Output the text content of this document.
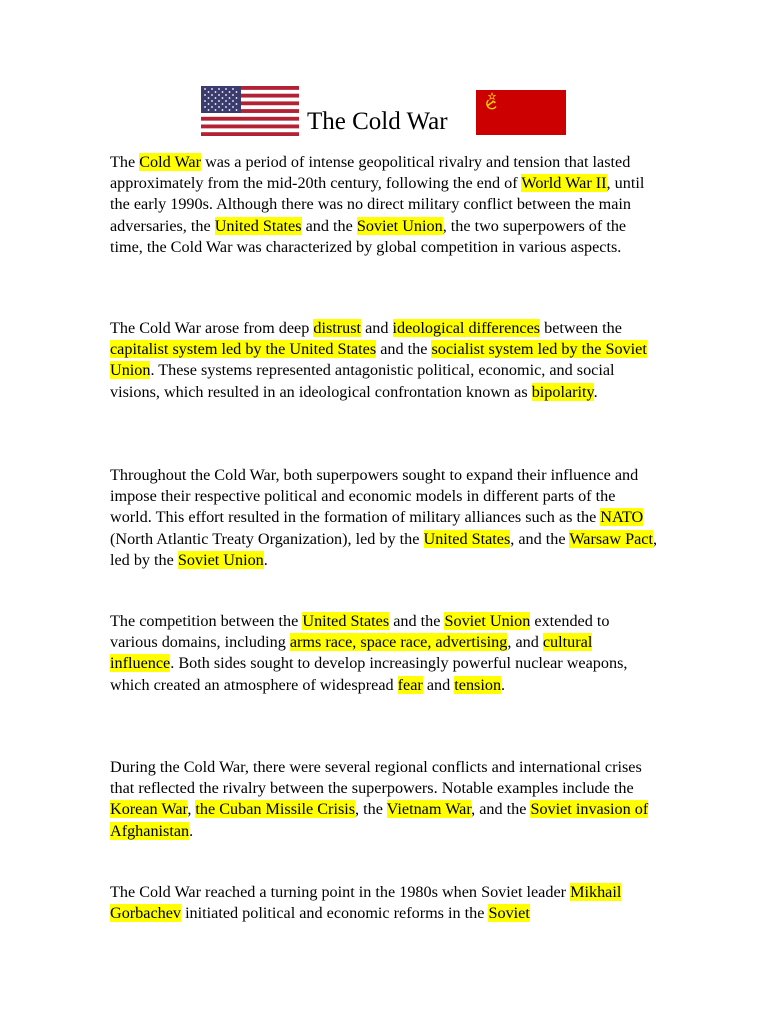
The Cold War

The Cold War was a period of intense geopolitical rivalry and tension that lasted approximately from the mid-20th century, following the end of World War II, until the early 1990s. Although there was no direct military conflict between the main adversaries, the United States and the Soviet Union, the two superpowers of the time, the Cold War was characterized by global competition in various aspects.

The Cold War arose from deep distrust and ideological differences between the capitalist system led by the United States and the socialist system led by the Soviet Union. These systems represented antagonistic political, economic, and social visions, which resulted in an ideological confrontation known as bipolarity.

Throughout the Cold War, both superpowers sought to expand their influence and impose their respective political and economic models in different parts of the world. This effort resulted in the formation of military alliances such as the NATO (North Atlantic Treaty Organization), led by the United States, and the Warsaw Pact, led by the Soviet Union.

The competition between the United States and the Soviet Union extended to various domains, including arms race, space race, advertising, and cultural influence. Both sides sought to develop increasingly powerful nuclear weapons, which created an atmosphere of widespread fear and tension.

During the Cold War, there were several regional conflicts and international crises that reflected the rivalry between the superpowers. Notable examples include the Korean War, the Cuban Missile Crisis, the Vietnam War, and the Soviet invasion of Afghanistan.

The Cold War reached a turning point in the 1980s when Soviet leader Mikhail Gorbachev initiated political and economic reforms in the Soviet
